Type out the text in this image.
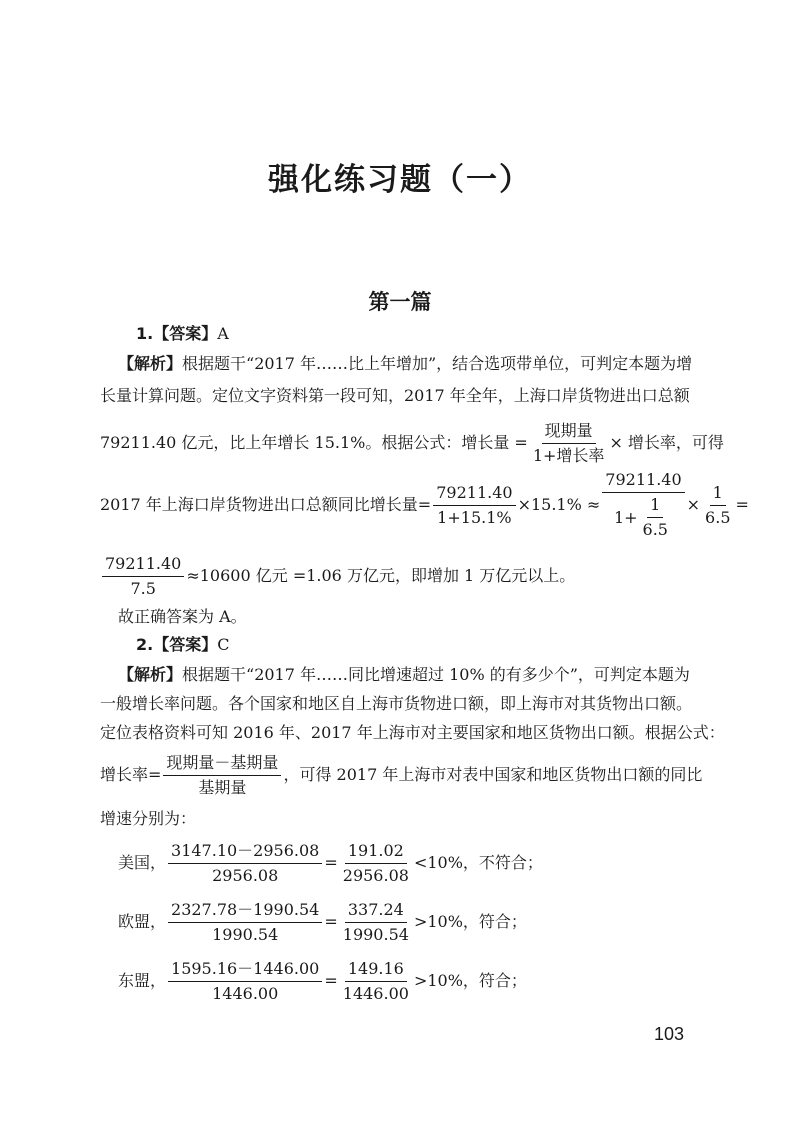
强化练习题（一）
第一篇
1.【答案】A
【解析】根据题干“2017 年……比上年增加”，结合选项带单位，可判定本题为增
长量计算问题。定位文字资料第一段可知，2017 年全年，上海口岸货物进出口总额
79211.40 亿元，比上年增长 15.1%。根据公式：增长量 = $\frac{\text{现期量}}{\text{1+增长率}}$ × 增长率，可得
2017 年上海口岸货物进出口总额同比增长量= $\frac{79211.40}{1+15.1\%} \times 15.1\% \approx \frac{79211.40}{1+ \frac{1}{6.5}} \times \frac{1}{6.5}$ =
$\frac{79211.40}{7.5} \approx 10600$ 亿元 =1.06 万亿元，即增加 1 万亿元以上。
故正确答案为 A。
2.【答案】C
【解析】根据题干“2017 年……同比增速超过 10% 的有多少个”，可判定本题为
一般增长率问题。各个国家和地区自上海市货物进口额，即上海市对其货物出口额。
定位表格资料可知 2016 年、2017 年上海市对主要国家和地区货物出口额。根据公式：
增长率= $\frac{\text{现期量－基期量}}{\text{基期量}}$ ，可得 2017 年上海市对表中国家和地区货物出口额的同比
增速分别为：
美国， $\frac{3147.10-2956.08}{2956.08} = \frac{191.02}{2956.08} <10\%$，不符合；
欧盟， $\frac{2327.78-1990.54}{1990.54} = \frac{337.24}{1990.54} >10\%$，符合；
东盟， $\frac{1595.16-1446.00}{1446.00} = \frac{149.16}{1446.00} >10\%$，符合；
103
